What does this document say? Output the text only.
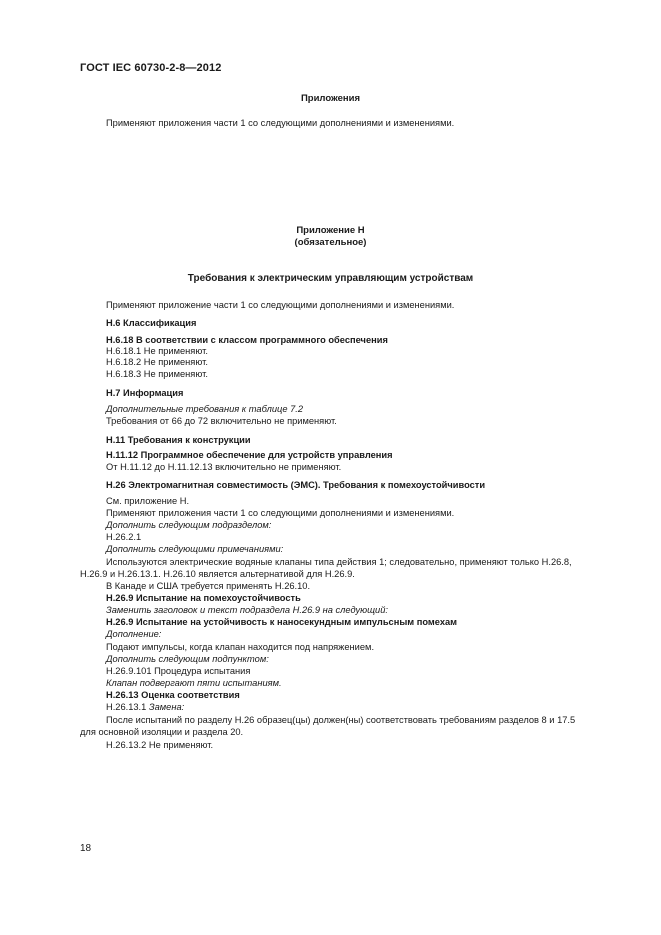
ГОСТ IEC 60730-2-8—2012
Приложения
Применяют приложения части 1 со следующими дополнениями и изменениями.
Приложение Н
(обязательное)
Требования к электрическим управляющим устройствам
Применяют приложение части 1 со следующими дополнениями и изменениями.
Н.6 Классификация
Н.6.18 В соответствии с классом программного обеспечения
Н.6.18.1 Не применяют.
Н.6.18.2 Не применяют.
Н.6.18.3 Не применяют.
Н.7 Информация
Дополнительные требования к таблице 7.2
Требования от 66 до 72 включительно не применяют.
Н.11 Требования к конструкции
Н.11.12 Программное обеспечение для устройств управления
От Н.11.12 до Н.11.12.13 включительно не применяют.
Н.26 Электромагнитная совместимость (ЭМС). Требования к помехоустойчивости
См. приложение Н.
Применяют приложения части 1 со следующими дополнениями и изменениями.
Дополнить следующим подразделом:
Н.26.2.1
Дополнить следующими примечаниями:
Используются электрические водяные клапаны типа действия 1; следовательно, применяют только Н.26.8,
Н.26.9 и Н.26.13.1. Н.26.10 является альтернативой для Н.26.9.
В Канаде и США требуется применять Н.26.10.
Н.26.9 Испытание на помехоустойчивость
Заменить заголовок и текст подраздела Н.26.9 на следующий:
Н.26.9 Испытание на устойчивость к наносекундным импульсным помехам
Дополнение:
Подают импульсы, когда клапан находится под напряжением.
Дополнить следующим подпунктом:
Н.26.9.101 Процедура испытания
Клапан подвергают пяти испытаниям.
Н.26.13 Оценка соответствия
Н.26.13.1 Замена:
После испытаний по разделу Н.26 образец(цы) должен(ны) соответствовать требованиям разделов 8 и 17.5
для основной изоляции и раздела 20.
Н.26.13.2 Не применяют.
18
